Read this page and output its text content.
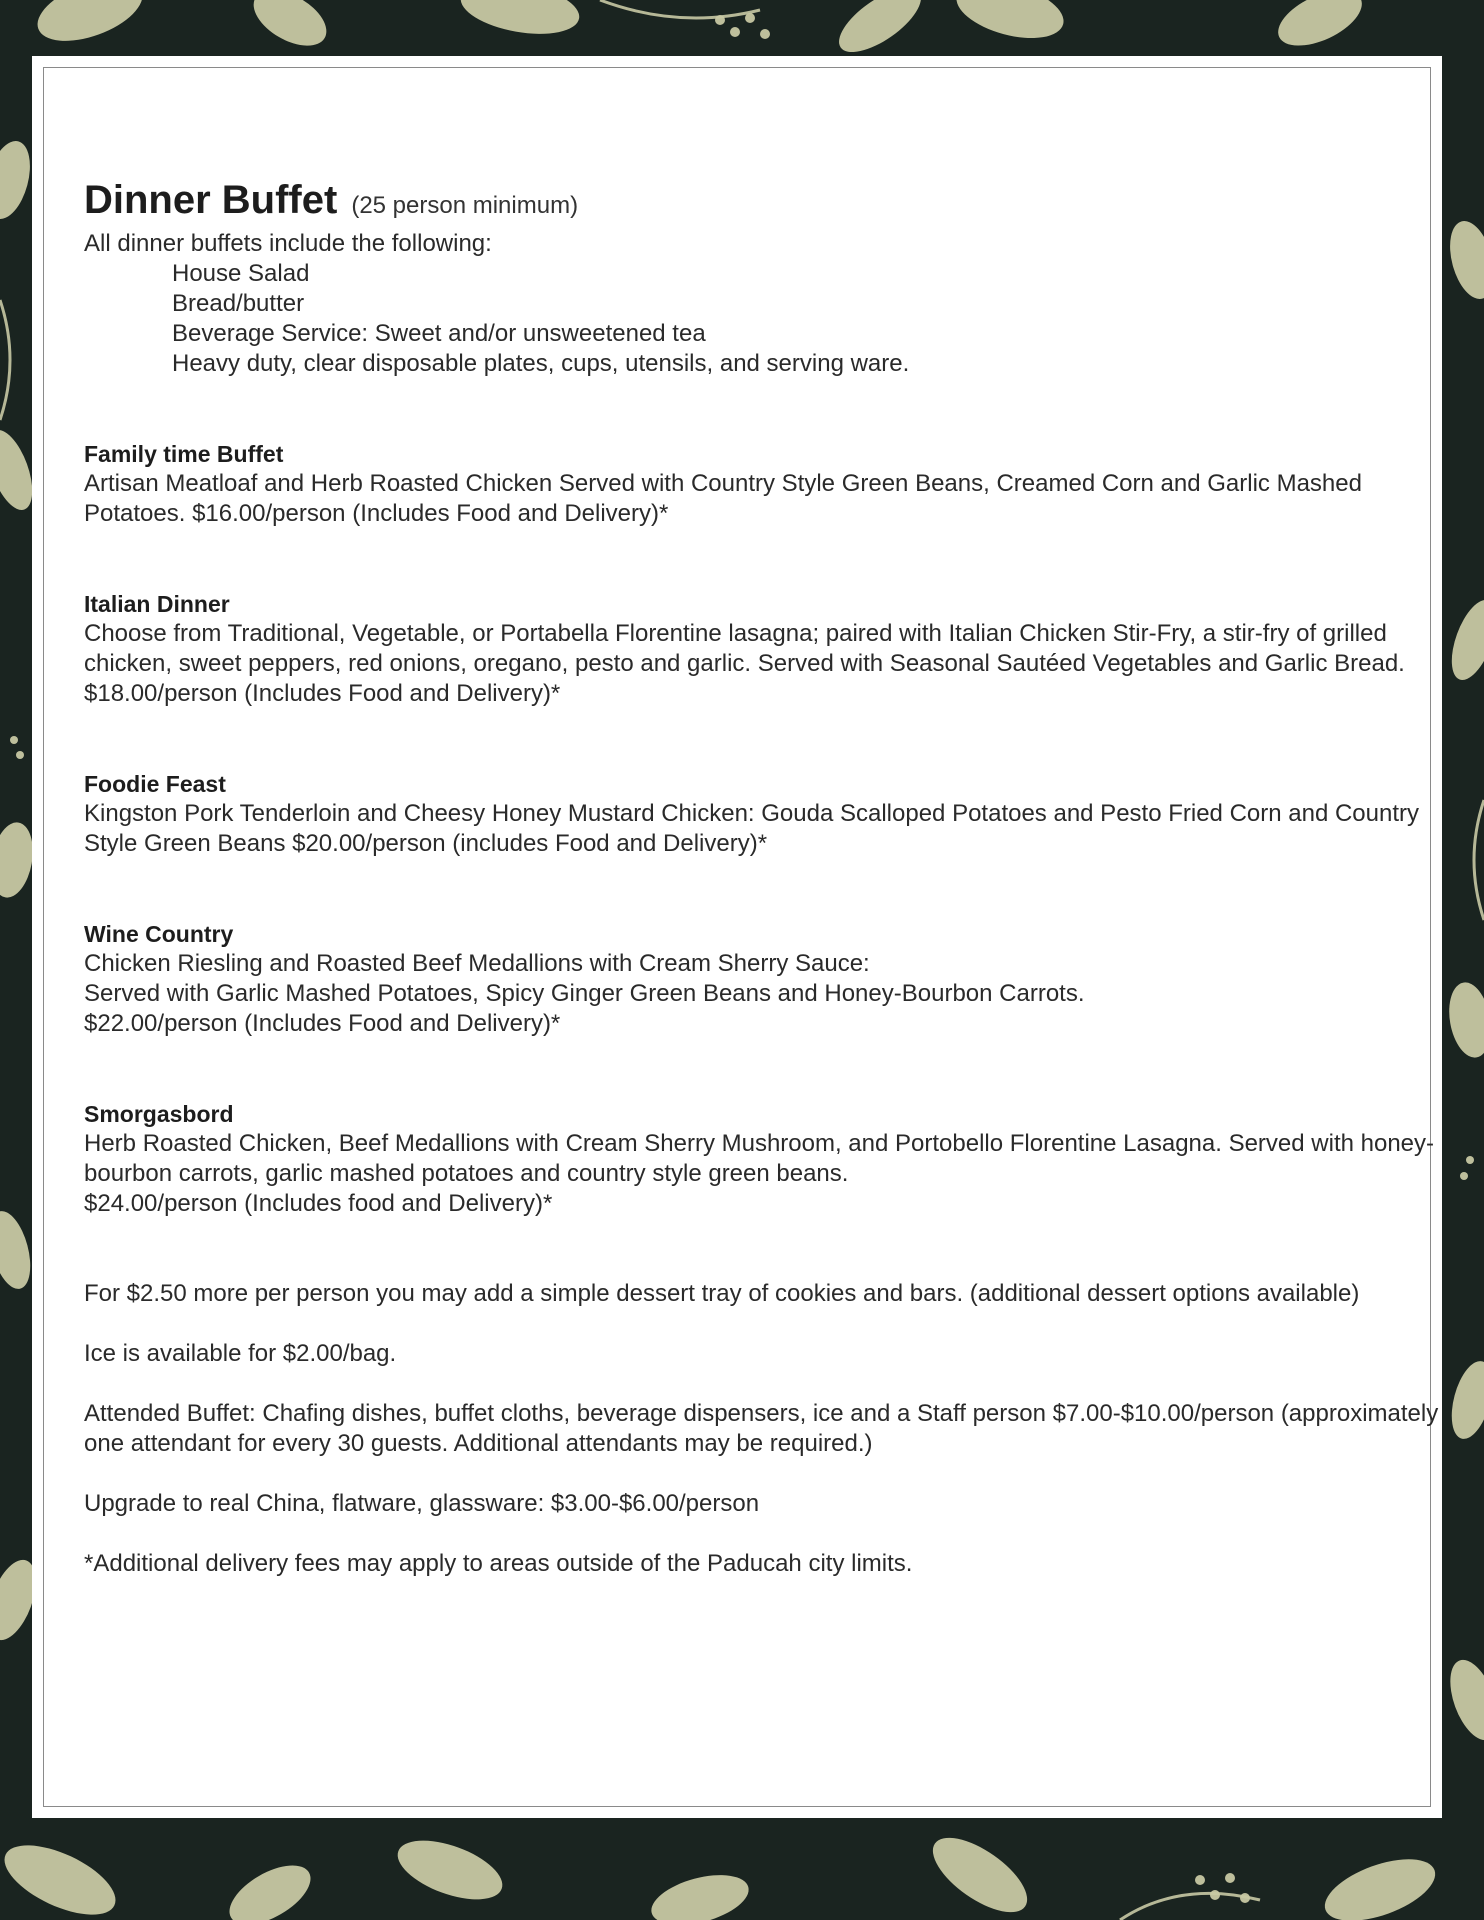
Dinner Buffet (25 person minimum)
All dinner buffets include the following:
House Salad
Bread/butter
Beverage Service: Sweet and/or unsweetened tea
Heavy duty, clear disposable plates, cups, utensils, and serving ware.
Family time Buffet
Artisan Meatloaf and Herb Roasted Chicken Served with Country Style Green Beans, Creamed Corn and Garlic Mashed Potatoes. $16.00/person (Includes Food and Delivery)*
Italian Dinner
Choose from Traditional, Vegetable, or Portabella Florentine lasagna; paired with Italian Chicken Stir-Fry, a stir-fry of grilled chicken, sweet peppers, red onions, oregano, pesto and garlic. Served with Seasonal Sautéed Vegetables and Garlic Bread. $18.00/person (Includes Food and Delivery)*
Foodie Feast
Kingston Pork Tenderloin and Cheesy Honey Mustard Chicken: Gouda Scalloped Potatoes and Pesto Fried Corn and Country Style Green Beans $20.00/person (includes Food and Delivery)*
Wine Country
Chicken Riesling and Roasted Beef Medallions with Cream Sherry Sauce:
Served with Garlic Mashed Potatoes, Spicy Ginger Green Beans and Honey-Bourbon Carrots.
$22.00/person (Includes Food and Delivery)*
Smorgasbord
Herb Roasted Chicken, Beef Medallions with Cream Sherry Mushroom, and Portobello Florentine Lasagna. Served with honey-bourbon carrots, garlic mashed potatoes and country style green beans.
$24.00/person (Includes food and Delivery)*
For $2.50 more per person you may add a simple dessert tray of cookies and bars. (additional dessert options available)
Ice is available for $2.00/bag.
Attended Buffet: Chafing dishes, buffet cloths, beverage dispensers, ice and a Staff person $7.00-$10.00/person (approximately one attendant for every 30 guests. Additional attendants may be required.)
Upgrade to real China, flatware, glassware: $3.00-$6.00/person
*Additional delivery fees may apply to areas outside of the Paducah city limits.
